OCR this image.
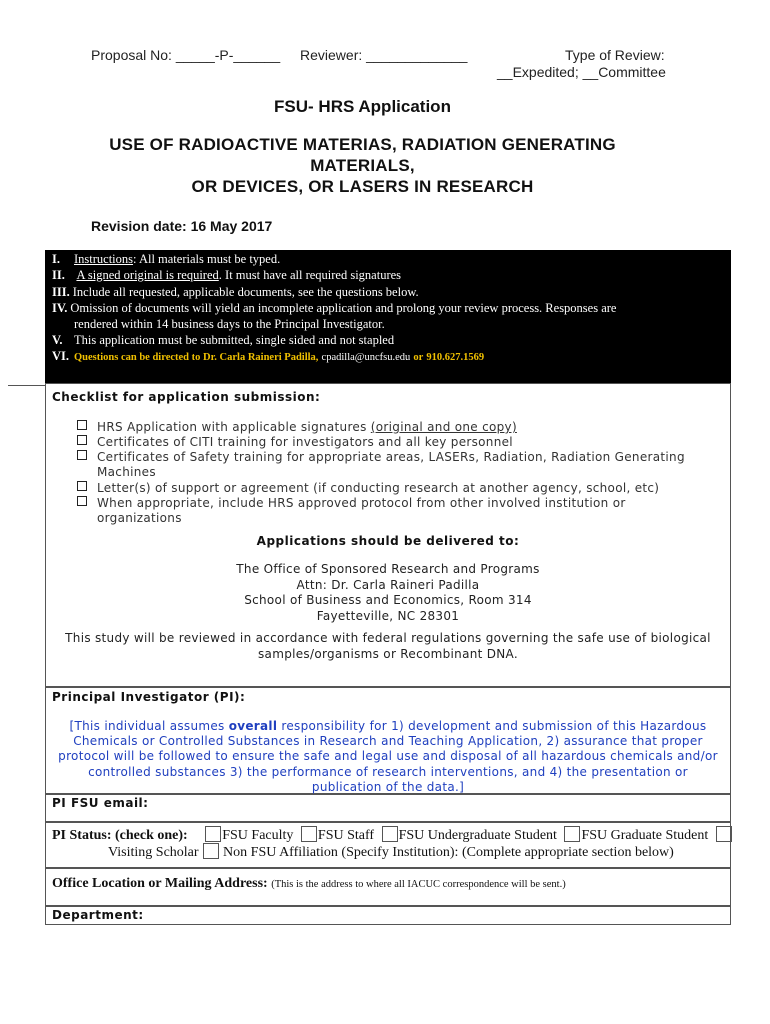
Proposal No: _____-P-______ Reviewer: _____________	Type of Review:
__Expedited; __Committee
FSU- HRS Application
USE OF RADIOACTIVE MATERIAS, RADIATION GENERATING
MATERIALS,
OR DEVICES, OR LASERS IN RESEARCH
Revision date: 16 May 2017
I. Instructions: All materials must be typed.
II. A signed original is required. It must have all required signatures
III. Include all requested, applicable documents, see the questions below.
IV. Omission of documents will yield an incomplete application and prolong your review process. Responses are
rendered within 14 business days to the Principal Investigator.
V. This application must be submitted, single sided and not stapled
VI. Questions can be directed to Dr. Carla Raineri Padilla, cpadilla@uncfsu.edu or 910.627.1569
Checklist for application submission:
HRS Application with applicable signatures (original and one copy)
Certificates of CITI training for investigators and all key personnel
Certificates of Safety training for appropriate areas, LASERs, Radiation, Radiation Generating
Machines
Letter(s) of support or agreement (if conducting research at another agency, school, etc)
When appropriate, include HRS approved protocol from other involved institution or
organizations
Applications should be delivered to:
The Office of Sponsored Research and Programs
Attn: Dr. Carla Raineri Padilla
School of Business and Economics, Room 314
Fayetteville, NC 28301
This study will be reviewed in accordance with federal regulations governing the safe use of biological
samples/organisms or Recombinant DNA.
Principal Investigator (PI):
[This individual assumes overall responsibility for 1) development and submission of this Hazardous
Chemicals or Controlled Substances in Research and Teaching Application, 2) assurance that proper
protocol will be followed to ensure the safe and legal use and disposal of all hazardous chemicals and/or
controlled substances 3) the performance of research interventions, and 4) the presentation or
publication of the data.]
PI FSU email:
PI Status: (check one): FSU Faculty FSU Staff FSU Undergraduate Student FSU Graduate Student
Visiting Scholar Non FSU Affiliation (Specify Institution): (Complete appropriate section below)
Office Location or Mailing Address: (This is the address to where all IACUC correspondence will be sent.)
Department:
